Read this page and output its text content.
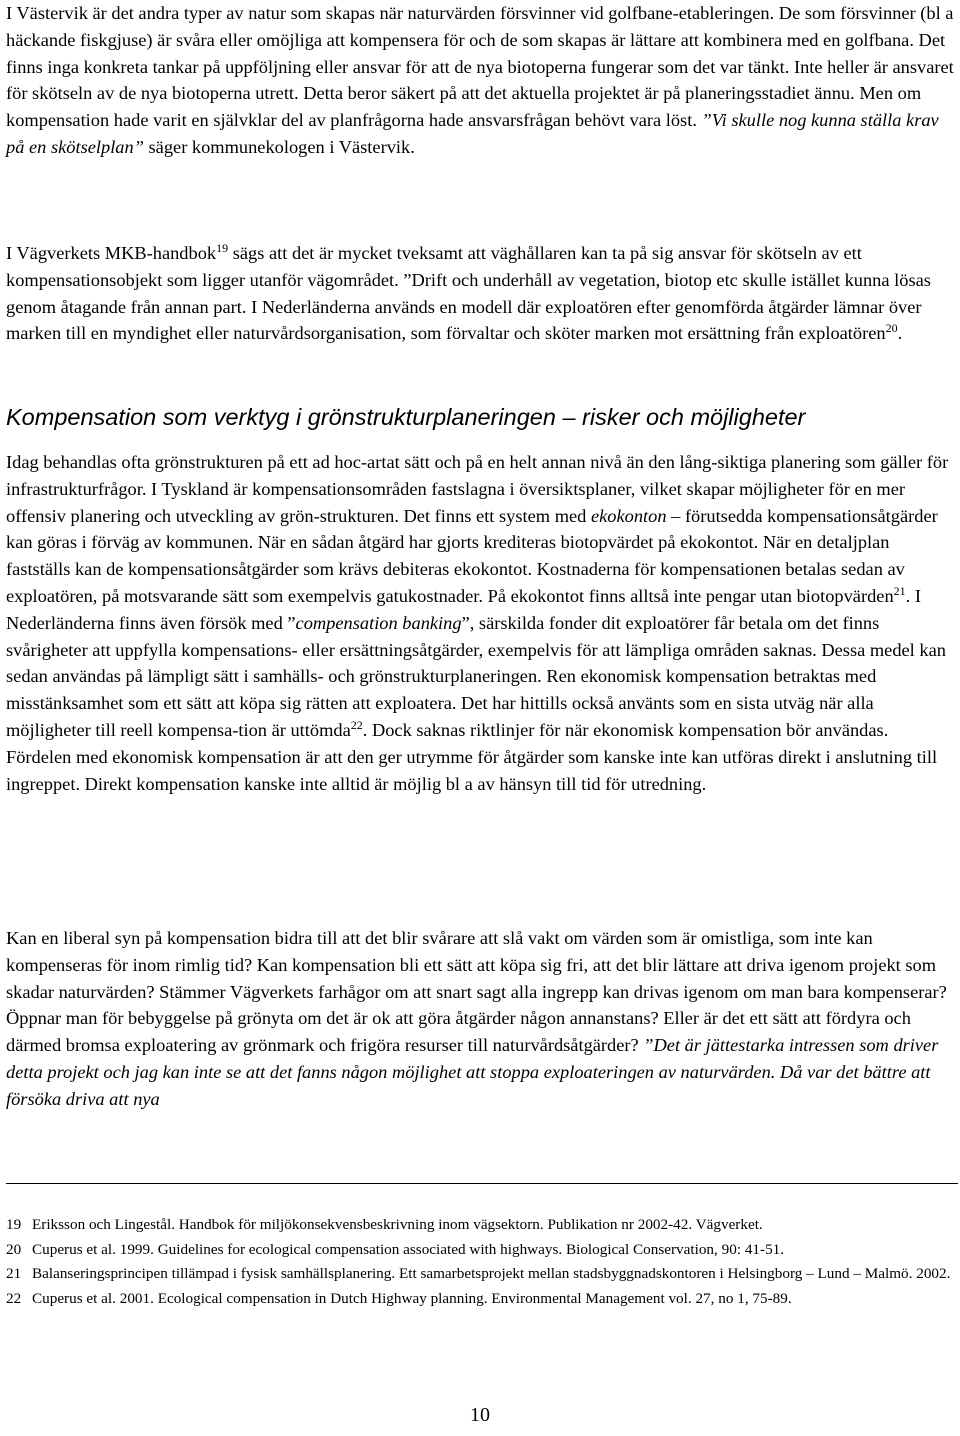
I Västervik är det andra typer av natur som skapas när naturvärden försvinner vid golfbane-etableringen. De som försvinner (bl a häckande fiskgjuse) är svåra eller omöjliga att kompensera för och de som skapas är lättare att kombinera med en golfbana. Det finns inga konkreta tankar på uppföljning eller ansvar för att de nya biotoperna fungerar som det var tänkt. Inte heller är ansvaret för skötseln av de nya biotoperna utrett. Detta beror säkert på att det aktuella projektet är på planeringsstadiet ännu. Men om kompensation hade varit en självklar del av planfrågorna hade ansvarsfrågan behövt vara löst. ”Vi skulle nog kunna ställa krav på en skötselplan” säger kommunekologen i Västervik.

I Vägverkets MKB-handbok$^{19}$ sägs att det är mycket tveksamt att väghållaren kan ta på sig ansvar för skötseln av ett kompensationsobjekt som ligger utanför vägområdet. ”Drift och underhåll av vegetation, biotop etc skulle istället kunna lösas genom åtagande från annan part. I Nederländerna används en modell där exploatören efter genomförda åtgärder lämnar över marken till en myndighet eller naturvårdsorganisation, som förvaltar och sköter marken mot ersättning från exploatören$^{20}$.

Kompensation som verktyg i grönstrukturplaneringen – risker och möjligheter

Idag behandlas ofta grönstrukturen på ett ad hoc-artat sätt och på en helt annan nivå än den lång-siktiga planering som gäller för infrastrukturfrågor. I Tyskland är kompensationsområden fastslagna i översiktsplaner, vilket skapar möjligheter för en mer offensiv planering och utveckling av grön-strukturen. Det finns ett system med ekokonton – förutsedda kompensationsåtgärder kan göras i förväg av kommunen. När en sådan åtgärd har gjorts krediteras biotopvärdet på ekokontot. När en detaljplan fastställs kan de kompensationsåtgärder som krävs debiteras ekokontot. Kostnaderna för kompensationen betalas sedan av exploatören, på motsvarande sätt som exempelvis gatukostnader. På ekokontot finns alltså inte pengar utan biotopvärden$^{21}$. I Nederländerna finns även försök med ”compensation banking”, särskilda fonder dit exploatörer får betala om det finns svårigheter att uppfylla kompensations- eller ersättningsåtgärder, exempelvis för att lämpliga områden saknas. Dessa medel kan sedan användas på lämpligt sätt i samhälls- och grönstrukturplaneringen. Ren ekonomisk kompensation betraktas med misstänksamhet som ett sätt att köpa sig rätten att exploatera. Det har hittills också använts som en sista utväg när alla möjligheter till reell kompensa-tion är uttömda$^{22}$. Dock saknas riktlinjer för när ekonomisk kompensation bör användas. Fördelen med ekonomisk kompensation är att den ger utrymme för åtgärder som kanske inte kan utföras direkt i anslutning till ingreppet. Direkt kompensation kanske inte alltid är möjlig bl a av hänsyn till tid för utredning.

Kan en liberal syn på kompensation bidra till att det blir svårare att slå vakt om värden som är omistliga, som inte kan kompenseras för inom rimlig tid? Kan kompensation bli ett sätt att köpa sig fri, att det blir lättare att driva igenom projekt som skadar naturvärden? Stämmer Vägverkets farhågor om att snart sagt alla ingrepp kan drivas igenom om man bara kompenserar? Öppnar man för bebyggelse på grönyta om det är ok att göra åtgärder någon annanstans? Eller är det ett sätt att fördyra och därmed bromsa exploatering av grönmark och frigöra resurser till naturvårdsåtgärder? ”Det är jättestarka intressen som driver detta projekt och jag kan inte se att det fanns någon möjlighet att stoppa exploateringen av naturvärden. Då var det bättre att försöka driva att nya

19 Eriksson och Lingestål. Handbok för miljökonsekvensbeskrivning inom vägsektorn. Publikation nr 2002-42. Vägverket.
20 Cuperus et al. 1999. Guidelines for ecological compensation associated with highways. Biological Conservation, 90: 41-51.
21 Balanseringsprincipen tillämpad i fysisk samhällsplanering. Ett samarbetsprojekt mellan stadsbyggnadskontoren i Helsingborg – Lund – Malmö. 2002.
22 Cuperus et al. 2001. Ecological compensation in Dutch Highway planning. Environmental Management vol. 27, no 1, 75-89.
10
